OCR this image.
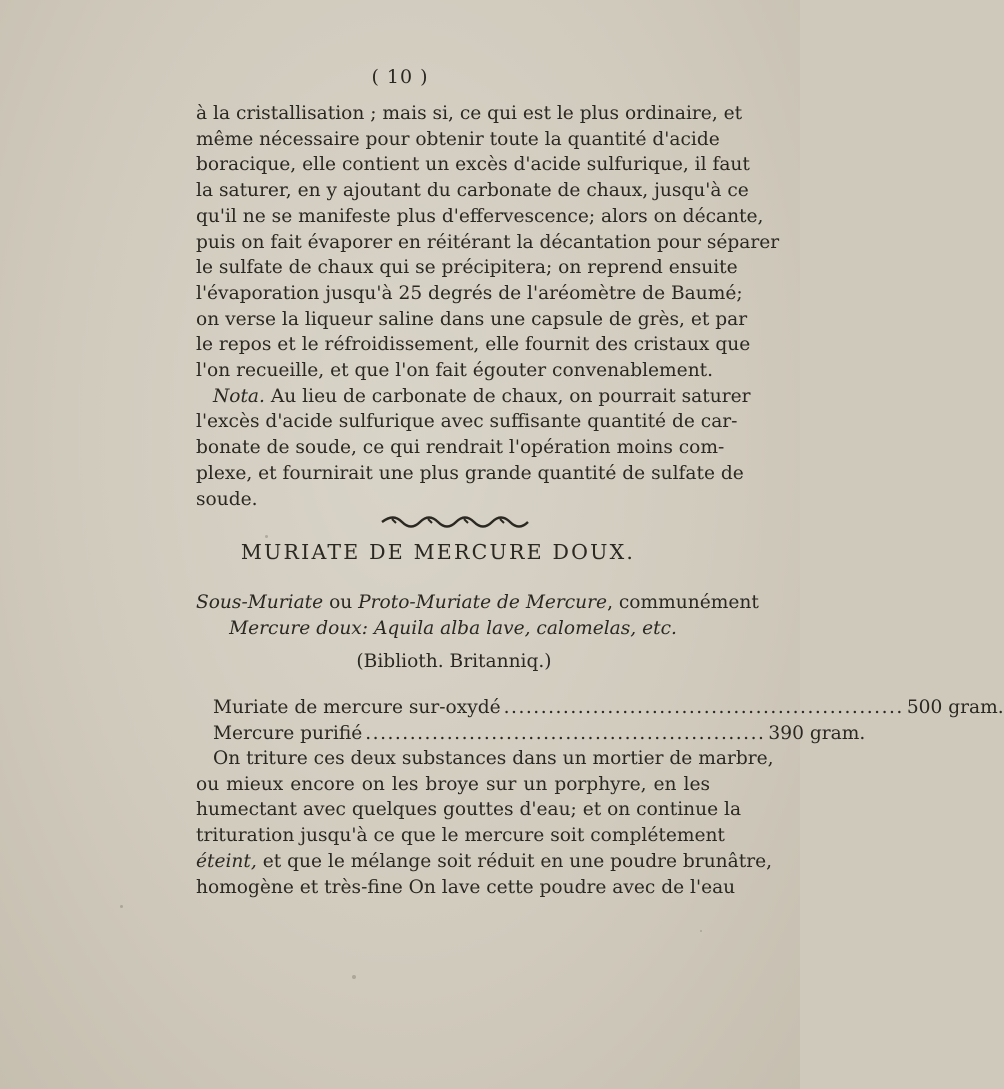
( 10 )
à la cristallisation ; mais si, ce qui est le plus ordinaire, et
même nécessaire pour obtenir toute la quantité d'acide
boracique, elle contient un excès d'acide sulfurique, il faut
la saturer, en y ajoutant du carbonate de chaux, jusqu'à ce
qu'il ne se manifeste plus d'effervescence; alors on décante,
puis on fait évaporer en réitérant la décantation pour séparer
le sulfate de chaux qui se précipitera; on reprend ensuite
l'évaporation jusqu'à 25 degrés de l'aréomètre de Baumé;
on verse la liqueur saline dans une capsule de grès, et par
le repos et le réfroidissement, elle fournit des cristaux que
l'on recueille, et que l'on fait égouter convenablement.
Nota. Au lieu de carbonate de chaux, on pourrait saturer
l'excès d'acide sulfurique avec suffisante quantité de car-
bonate de soude, ce qui rendrait l'opération moins com-
plexe, et fournirait une plus grande quantité de sulfate de
soude.
MURIATE DE MERCURE DOUX.
Sous-Muriate ou Proto-Muriate de Mercure, communément
Mercure doux: Aquila alba lave, calomelas, etc.
(Biblioth. Britanniq.)
Muriate de mercure sur-oxydé ...................................................... 500 gram.
Mercure purifié ...................................................... 390 gram.
On triture ces deux substances dans un mortier de marbre,
ou mieux encore on les broye sur un porphyre, en les
humectant avec quelques gouttes d'eau; et on continue la
trituration jusqu'à ce que le mercure soit complétement
éteint, et que le mélange soit réduit en une poudre brunâtre,
homogène et très-fine On lave cette poudre avec de l'eau
